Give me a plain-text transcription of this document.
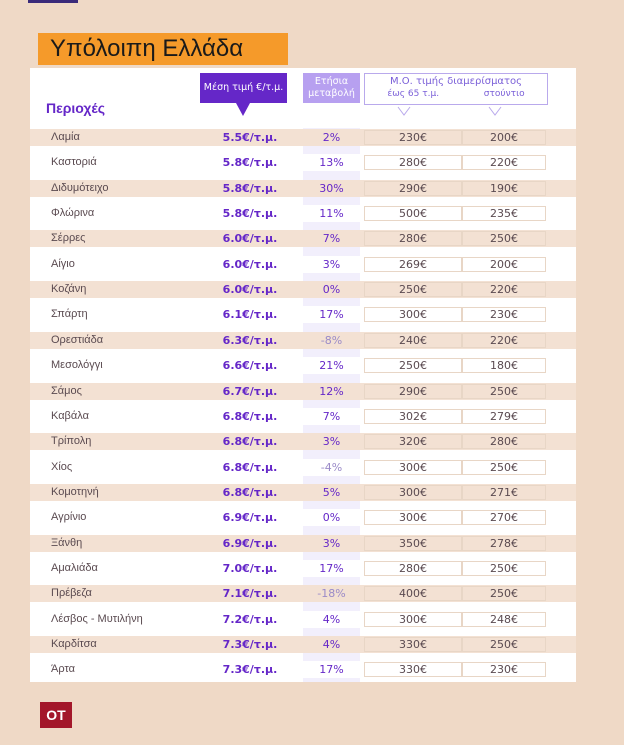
Υπόλοιπη Ελλάδα
Μέση τιμή €/τ.μ.
Ετήσια
μεταβολή
Μ.Ο. τιμής διαμερίσματος
έως 65 τ.μ.	στούντιο
Περιοχές
Λαμία	5.5€/τ.μ.	2%	230€	200€
Καστοριά	5.8€/τ.μ.	13%	280€	220€
Διδυμότειχο	5.8€/τ.μ.	30%	290€	190€
Φλώρινα	5.8€/τ.μ.	11%	500€	235€
Σέρρες	6.0€/τ.μ.	7%	280€	250€
Αίγιο	6.0€/τ.μ.	3%	269€	200€
Κοζάνη	6.0€/τ.μ.	0%	250€	220€
Σπάρτη	6.1€/τ.μ.	17%	300€	230€
Ορεστιάδα	6.3€/τ.μ.	-8%	240€	220€
Μεσολόγγι	6.6€/τ.μ.	21%	250€	180€
Σάμος	6.7€/τ.μ.	12%	290€	250€
Καβάλα	6.8€/τ.μ.	7%	302€	279€
Τρίπολη	6.8€/τ.μ.	3%	320€	280€
Χίος	6.8€/τ.μ.	-4%	300€	250€
Κομοτηνή	6.8€/τ.μ.	5%	300€	271€
Αγρίνιο	6.9€/τ.μ.	0%	300€	270€
Ξάνθη	6.9€/τ.μ.	3%	350€	278€
Αμαλιάδα	7.0€/τ.μ.	17%	280€	250€
Πρέβεζα	7.1€/τ.μ.	-18%	400€	250€
Λέσβος - Μυτιλήνη	7.2€/τ.μ.	4%	300€	248€
Καρδίτσα	7.3€/τ.μ.	4%	330€	250€
Άρτα	7.3€/τ.μ.	17%	330€	230€
ΟΤ
